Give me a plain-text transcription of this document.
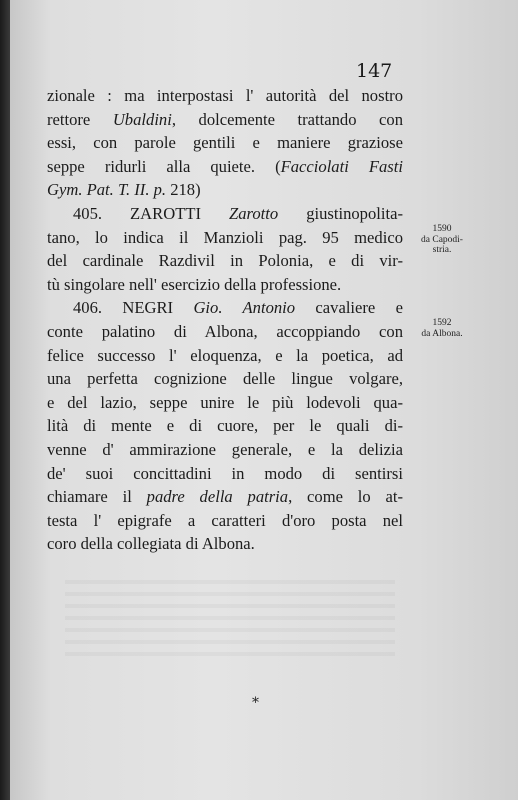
147
zionale : ma interpostasi l' autorità del nostro
rettore Ubaldini, dolcemente trattando con
essi, con parole gentili e maniere graziose
seppe ridurli alla quiete. (Facciolati Fasti
Gym. Pat. T. II. p. 218)
405. ZAROTTI Zarotto giustinopolita-
tano, lo indica il Manzioli pag. 95 medico
del cardinale Razdivil in Polonia, e di vir-
tù singolare nell' esercizio della professione.
406. NEGRI Gio. Antonio cavaliere e
conte palatino di Albona, accoppiando con
felice successo l' eloquenza, e la poetica, ad
una perfetta cognizione delle lingue volgare,
e del lazio, seppe unire le più lodevoli qua-
lità di mente e di cuore, per le quali di-
venne d' ammirazione generale, e la delizia
de' suoi concittadini in modo di sentirsi
chiamare il padre della patria, come lo at-
testa l' epigrafe a caratteri d'oro posta nel
coro della collegiata di Albona.
1590
da Capodi-
stria.
1592
da Albona.
*
